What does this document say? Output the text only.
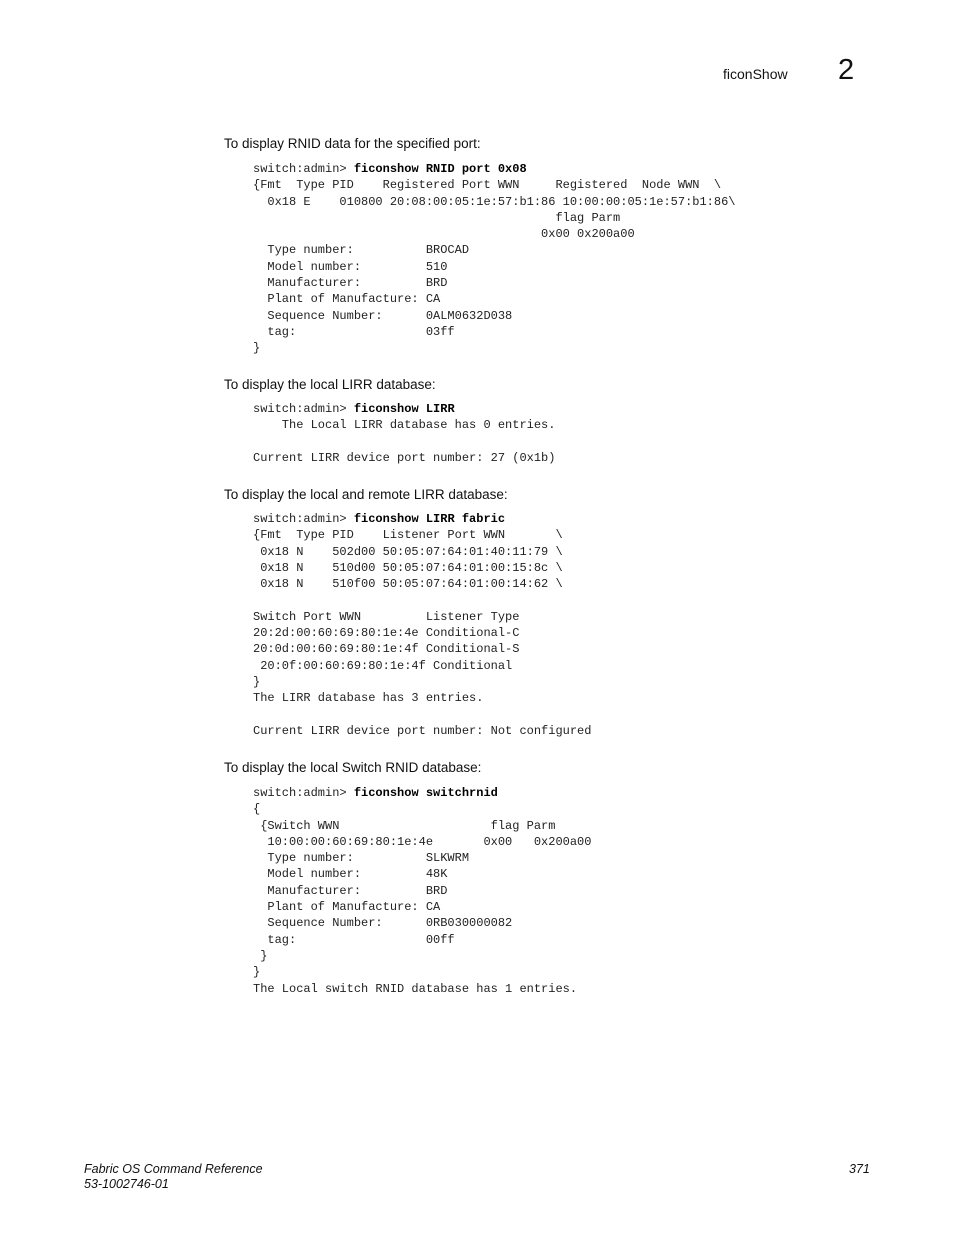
ficonShow 2
To display RNID data for the specified port:
switch:admin> ficonshow RNID port 0x08
{Fmt  Type PID    Registered Port WWN     Registered  Node WWN  \
0x18 E    010800 20:08:00:05:1e:57:b1:86 10:00:00:05:1e:57:b1:86\
flag Parm
0x00 0x200a00
Type number:          BROCAD
Model number:         510
Manufacturer:         BRD
Plant of Manufacture: CA
Sequence Number:      0ALM0632D038
tag:                  03ff
}
To display the local LIRR database:
switch:admin> ficonshow LIRR
The Local LIRR database has 0 entries.

Current LIRR device port number: 27 (0x1b)
To display the local and remote LIRR database:
switch:admin> ficonshow LIRR fabric
{Fmt  Type PID    Listener Port WWN       \
0x18 N    502d00 50:05:07:64:01:40:11:79 \
0x18 N    510d00 50:05:07:64:01:00:15:8c \
0x18 N    510f00 50:05:07:64:01:00:14:62 \

Switch Port WWN         Listener Type
20:2d:00:60:69:80:1e:4e Conditional-C
20:0d:00:60:69:80:1e:4f Conditional-S
20:0f:00:60:69:80:1e:4f Conditional
}
The LIRR database has 3 entries.

Current LIRR device port number: Not configured
To display the local Switch RNID database:
switch:admin> ficonshow switchrnid
{
{Switch WWN                     flag Parm
10:00:00:60:69:80:1e:4e       0x00   0x200a00
Type number:          SLKWRM
Model number:         48K
Manufacturer:         BRD
Plant of Manufacture: CA
Sequence Number:      0RB030000082
tag:                  00ff
}
}
The Local switch RNID database has 1 entries.
Fabric OS Command Reference
53-1002746-01
371
